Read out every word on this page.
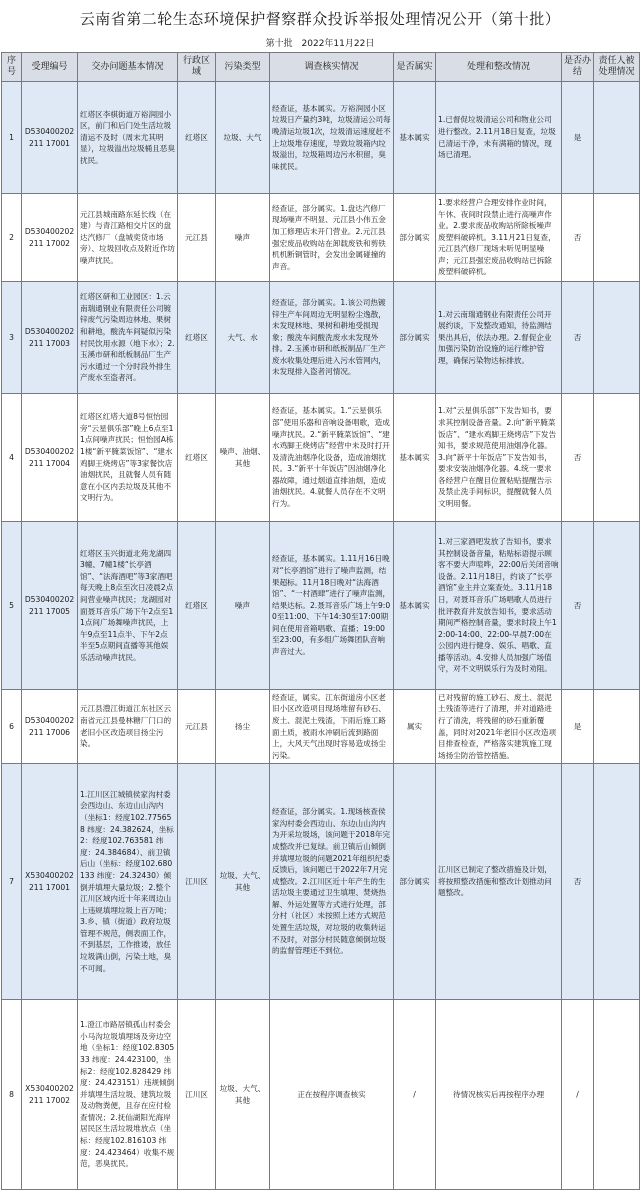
云南省第二轮生态环境保护督察群众投诉举报处理情况公开（第十批）
第十批 2022年11月22日
序号	受理编号	交办问题基本情况	行政区域	污染类型	调查核实情况	是否属实	处理和整改情况	是否办结	责任人被处理情况
1	D530400202211 17001	红塔区李棋街道万裕润园小区，前门和后门处生活垃圾清运不及时（周末尤其明显），垃圾溢出垃圾桶且恶臭扰民。	红塔区	垃圾、大气	经查证，基本属实。万裕润园小区垃圾日产量约3吨，垃圾清运公司每晚清运垃圾1次，垃圾清运速度赶不上垃圾堆存速度，导致垃圾箱内垃圾溢出，垃圾箱周边污水积留，臭味扰民。	基本属实	1.已督促垃圾清运公司和物业公司进行整改。2.11月18日复查，垃圾已清运干净，未有满箱的情况，现场已清理。	是	
2	D530400202211 17002	元江县城南路东延长线（在建）与青江路相交片区的盘达汽修厂（盘城奕货市场旁）、垃圾回收点及附近作坊噪声扰民。	元江县	噪声	经查证，部分属实。1.盘达汽修厂现场噪声不明显、元江县小伟五金加工修理店未开门营业。2.元江县强宏废品收购站在卸载废铁和剪铁机机断铜管时，会发出金属碰撞的声音。	部分属实	1.要求经营户合理安排作业时间，午休、夜间时段禁止进行高噪声作业。2.要求废品收购站所除板噪声废塑料破碎机。3.11月21日复查，元江县汽修厂现场未听见明显噪声；元江县强宏废品收购站已拆除废塑料破碎机。	否	
3	D530400202211 17003	红塔区研和工业园区：1.云南瑞通钢业有限责任公司镀锌废气污染周边林地、果树和耕地，酸洗车间疑似污染村民饮用水源（地下水）；2.玉溪市研和纸板制品厂生产污水通过一个分时段外排生产废水至盗者河。	红塔区	大气、水	经查证，部分属实。1.该公司热镀锌生产车间周边无明显粉尘逸散，未发现林地、果树和耕地受损现象；酸洗车间酸洗废水未发现外排。2.玉溪市研和纸板制品厂生产废水收集处理后进入污水管网内，未发现排入盗者河情况。	部分属实	1.对云南瑞通钢业有限责任公司开展约谈，下发整改通知，待监测结果出具后，依法办理。2.督促企业加强污染防治设施的运行维护管理，确保污染物达标排放。	否	
4	D530400202211 17004	红塔区红塔大道8号恒怡园旁“云星俱乐部”晚上6点至11点间噪声扰民；恒怡园A栋1楼“新平腌菜饭馆”、“建水鸡脚王烧烤店”等3家餐饮店油烟扰民，且就餐人员有随意在小区内丢垃圾及其他不文明行为。	红塔区	噪声、油烟、其他	经查证，基本属实。1.“云星俱乐部”使用乐器和音响设备唱歌，造成噪声扰民。2.“新平腌菜饭馆”、“建水鸡脚王烧烤店”经营中未及时打开及清洗油烟净化设备，造成油烟扰民。3.“新平十年饭店”因油烟净化器故障，通过烟道直排油烟，造成油烟扰民。4.就餐人员存在不文明行为。	基本属实	1.对“云星俱乐部”下发告知书，要求其控制设备音量。2.向“新平腌菜饭店”、“建水鸡脚王烧烤店”下发告知书，要求规范使用油烟净化器。3.向“新平十年饭店”下发告知书，要求安装油烟净化器。4.统一要求各经营户在醒目位置粘贴提醒告示及禁止洗手间标识，提醒就餐人员文明用餐。	否	
5	D530400202211 17005	红塔区玉兴街道北苑龙湖四3幢、7幢1楼“长亭酒馆”、“法海酒吧”等3家酒吧每天晚上8点至次日凌晨2点间营业噪声扰民；龙湖园对面聂耳音乐广场下午2点至11点间广场舞噪声扰民，上午9点至11点半、下午2点半至5点期间直播等其他娱乐活动噪声扰民。	红塔区	噪声	经查证，基本属实。1.11月16日晚对“长亭酒馆”进行了噪声监测，结果超标。11月18日晚对“法海酒馆”、“一村酒肆”进行了噪声监测，结果达标。2.聂耳音乐广场上午9:00至11:00、下午14:30至17:00期间在使用音箱唱歌、直播；19:00至23:00，有多组广场舞团队音响声音过大。	基本属实	1.对三家酒吧发放了告知书，要求其控制设备音量，粘贴标语提示顾客不要大声喧哗，22:00后关闭音响设备。2.11月18日，约谈了“长亭酒馆”业主并立案查处。3.11月18日，对聂耳音乐广场唱歌人员进行批评教育并发放告知书，要求活动期间严格控制音量，要求时段上午12:00-14:00、22:00-早晨7:00在公园内进行健身、娱乐、唱歌、直播等活动。4.安排人员加强广场值守，对不文明娱乐行为及时劝阻。	否	
6	D530400202211 17006	元江县澧江街道江东社区云南省元江县曼林糖厂门口的老旧小区改造项目扬尘污染。	元江县	扬尘	经查证，属实。江东街道房小区老旧小区改造项目现场堆留有砂石、废土、混泥土残渣，下雨后施工路面土质，被雨水冲刷后流到路面上，大风天气出现时容易造成扬尘污染。	属实	已对残留的施工砂石、废土、混泥土残渣等进行了清理，并对道路进行了清洗，将残留的砂石重新覆盖，同时对2021年老旧小区改造项目排查检查，严格落实建筑施工现场扬尘防治管控措施。	是	
7	X530400202211 17001	1.江川区江城镇侯家沟村委会西边山、东边山山沟内（坐标1：经度102.775658 纬度：24.382624，坐标2：经度102.763581 纬度：24.384684）、前卫镇后山（坐标：经度102.680133 纬度：24.32430）倾倒并填埋大量垃圾；2.整个江川区域内近十年来周边山上违规填埋垃圾上百万吨；3.乡、镇（街道）政府垃圾管理不规范，侧表面工作，不到基层，工作推诿，放任垃圾满山倒，污染土地，臭不可闻。	江川区	垃圾、大气、其他	经查证，部分属实。1.现场核查侯家沟村委会西边山、东边山山沟内为开采垃圾场，该问题于2018年完成整改并已复绿。前卫镇后山倾倒并填埋垃圾的问题2021年组织纪委反馈后，该问题已于2022年7月完成整改。2.江川区近十年产生的生活垃圾主要通过卫生填埋、焚烧热解、外运处置等方式进行处理，部分村（社区）未按照上述方式规范处置生活垃圾，对垃圾的收集转运不及时，对部分村民随意倾倒垃圾的监督管理还不到位。	部分属实	江川区已制定了整改措施及计划，将按照整改措施和整改计划推动问题整改。	否	
8	X530400202211 17002	1.澄江市路居镇孤山村委会小马沟垃圾填埋场及旁边空地（坐标1：经度102.830533 纬度：24.423100，坐标2：经度102.828429 纬度：24.423151）违规倾倒并填埋生活垃圾、建筑垃圾及动物粪便，且存在应付检查情况；2.抚仙湖阳光海岸居民区生活垃圾堆放点（坐标：经度102.816103 纬度：24.423464）收集不规范，恶臭扰民。	江川区	垃圾、大气、其他	正在按程序调查核实	/	待情况核实后再按程序办理	/	
